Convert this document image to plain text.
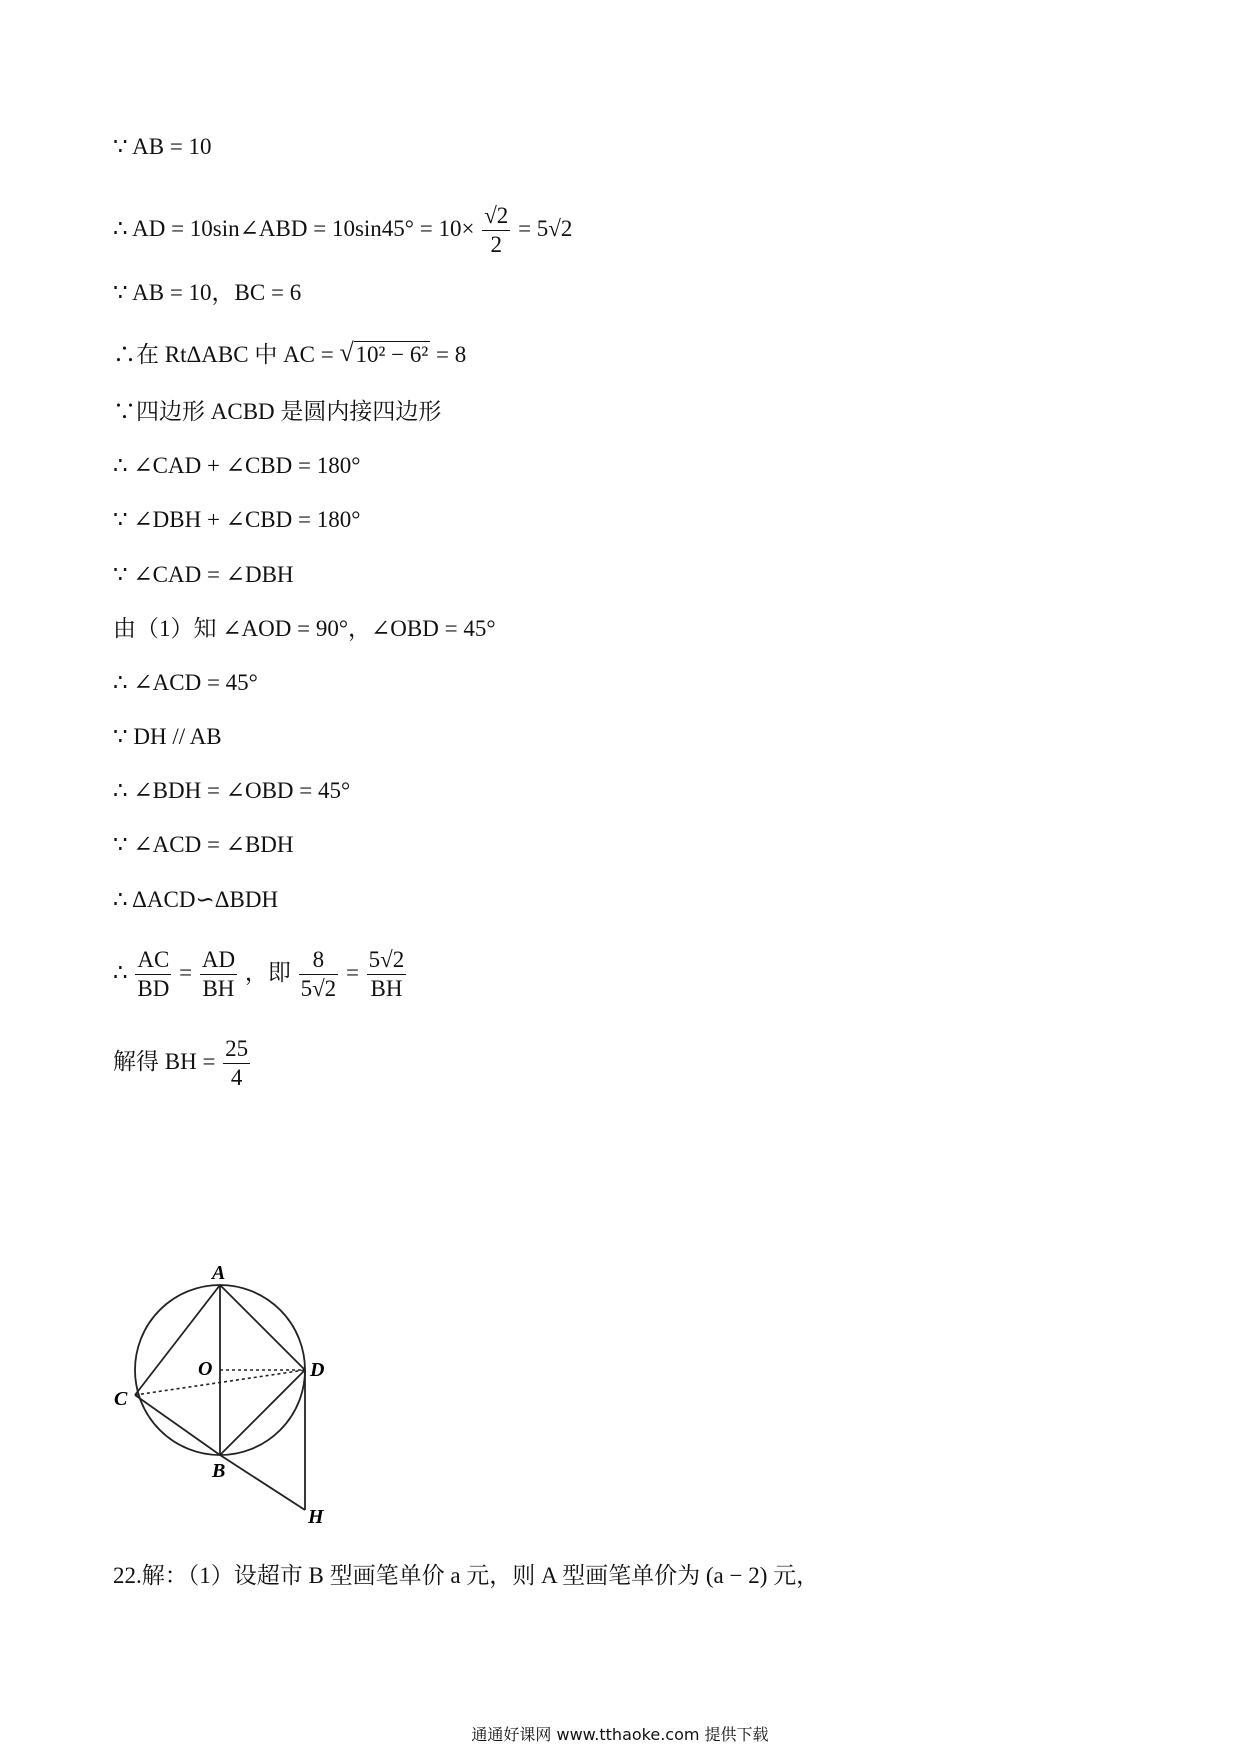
∵ AB = 10
∴ AD = 10sin∠ABD = $10\sin 45^\circ = 10\times \frac{√2}{2} = 5√2$
∵ AB = 10，BC = 6
∴在 RtΔABC 中 AC = √ 10² − 6² = 8
∵四边形 ACBD 是圆内接四边形
∴ ∠CAD + ∠CBD = 180°
∵ ∠DBH + ∠CBD = 180°
∵ ∠CAD = ∠DBH
由（1）知 ∠AOD = 90°，∠OBD = 45°
∴ ∠ACD = 45°
∵ DH // AB
∴ ∠BDH = ∠OBD = 45°
∵ ∠ACD = ∠BDH
∴ ΔACD∽ΔBDH
∴ $\frac{AC}{BD} = \frac{AD}{BH}$ ，即 $\frac{8}{5√2} = \frac{5√2}{BH}$
解得 BH = $\frac{25}{4}$
A
O	D
C
B
H
22.解：（1）设超市 B 型画笔单价 a 元，则 A 型画笔单价为 (a − 2) 元，
通通好课网 www.tthaoke.com 提供下载
